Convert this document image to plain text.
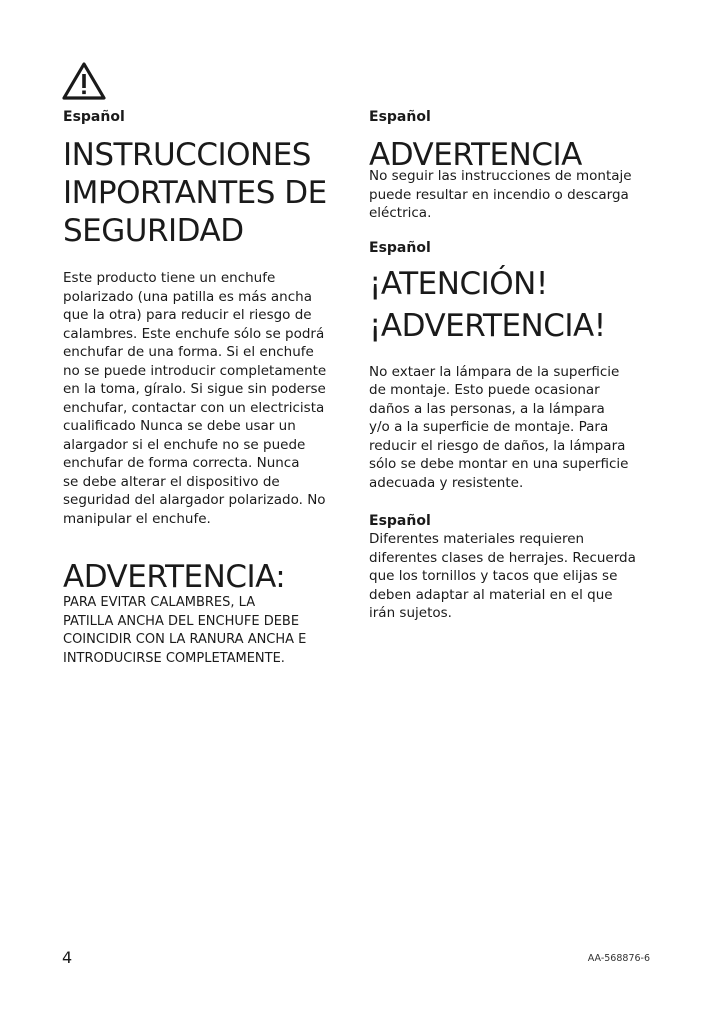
Español

INSTRUCCIONES
IMPORTANTES DE
SEGURIDAD

Este producto tiene un enchufe

polarizado (una patilla es más ancha

que la otra) para reducir el riesgo de

calambres. Este enchufe sólo se podrá

enchufar de una forma. Si el enchufe

no se puede introducir completamente

en la toma, gíralo. Si sigue sin poderse

enchufar, contactar con un electricista

cualificado Nunca se debe usar un

alargador si el enchufe no se puede

enchufar de forma correcta. Nunca

se debe alterar el dispositivo de

seguridad del alargador polarizado. No

manipular el enchufe.

ADVERTENCIA:

PARA EVITAR CALAMBRES, LA

PATILLA ANCHA DEL ENCHUFE DEBE

COINCIDIR CON LA RANURA ANCHA E

INTRODUCIRSE COMPLETAMENTE.

Español

ADVERTENCIA

No seguir las instrucciones de montaje

puede resultar en incendio o descarga

eléctrica.

Español

¡ATENCIÓN!
¡ADVERTENCIA!

No extaer la lámpara de la superficie

de montaje. Esto puede ocasionar

daños a las personas, a la lámpara

y/o a la superficie de montaje. Para

reducir el riesgo de daños, la lámpara

sólo se debe montar en una superficie

adecuada y resistente.

Español

Diferentes materiales requieren

diferentes clases de herrajes. Recuerda

que los tornillos y tacos que elijas se

deben adaptar al material en el que

irán sujetos.

4	AA-568876-6
